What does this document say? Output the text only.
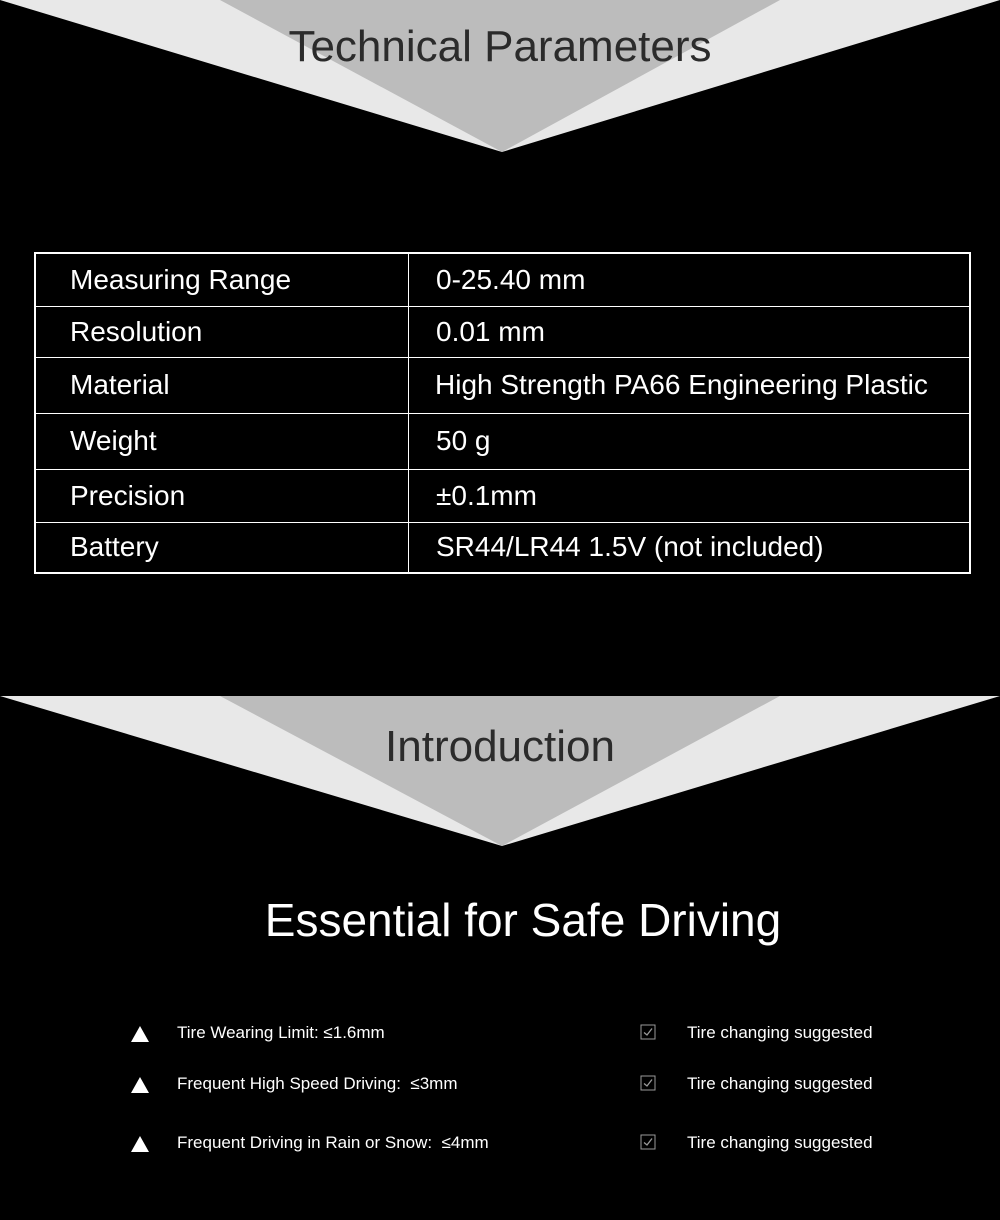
Technical Parameters
Measuring Range	0-25.40 mm
Resolution	0.01 mm
Material	High Strength PA66 Engineering Plastic
Weight	50 g
Precision	±0.1mm
Battery	SR44/LR44 1.5V (not included)
Introduction
Essential for Safe Driving
Tire Wearing Limit: ≤1.6mm	Tire changing suggested
Frequent High Speed Driving:  ≤3mm	Tire changing suggested
Frequent Driving in Rain or Snow:  ≤4mm	Tire changing suggested
